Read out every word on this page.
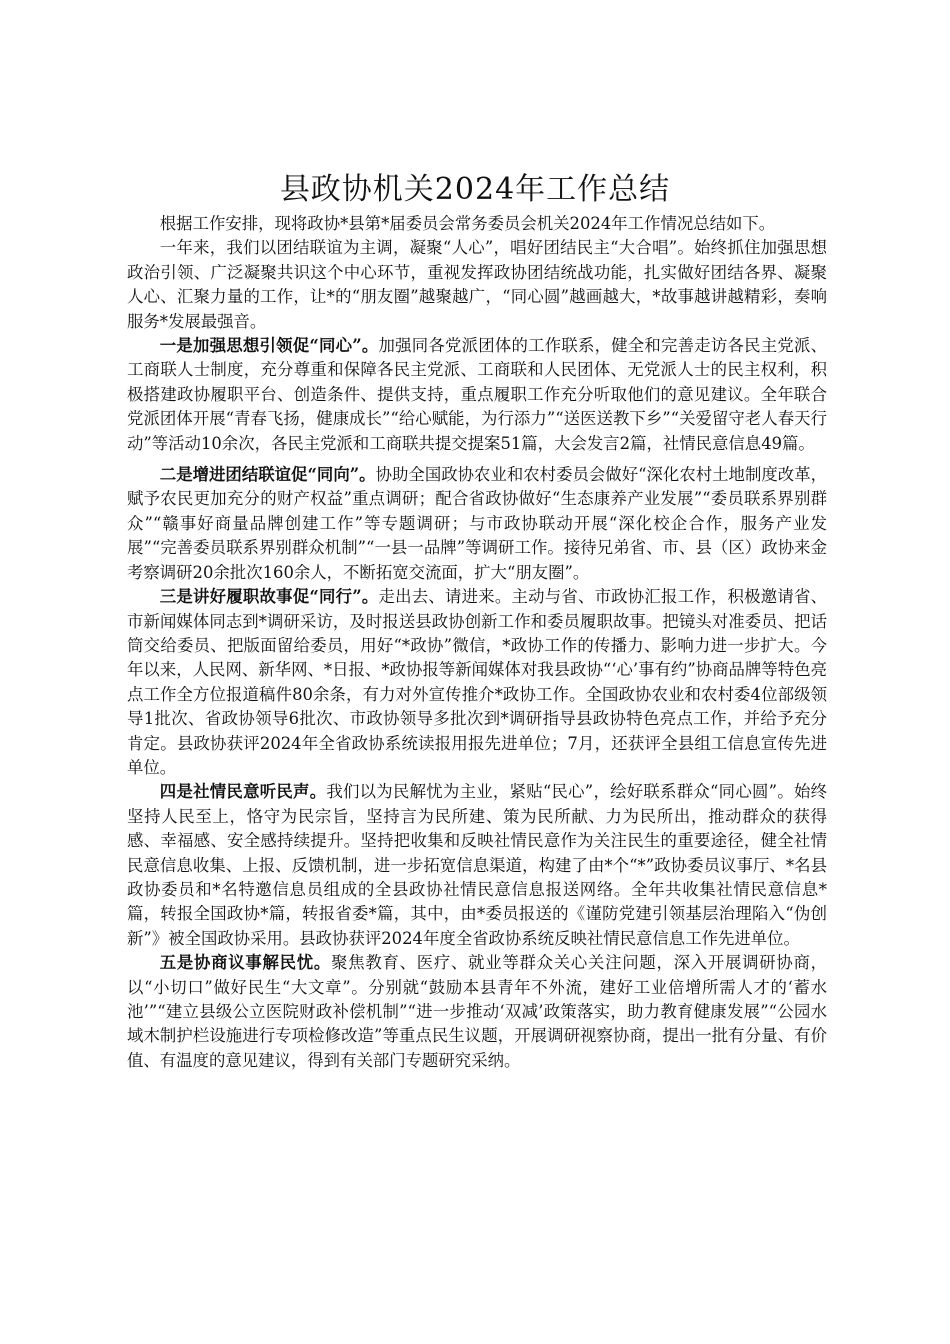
县政协机关2024年工作总结

根据工作安排，现将政协*县第*届委员会常务委员会机关2024年工作情况总结如下。

一年来，我们以团结联谊为主调，凝聚“人心”，唱好团结民主“大合唱”。始终抓住加强思想政治引领、广泛凝聚共识这个中心环节，重视发挥政协团结统战功能，扎实做好团结各界、凝聚人心、汇聚力量的工作，让*的“朋友圈”越聚越广，“同心圆”越画越大，*故事越讲越精彩，奏响服务*发展最强音。

一是加强思想引领促“同心”。加强同各党派团体的工作联系，健全和完善走访各民主党派、工商联人士制度，充分尊重和保障各民主党派、工商联和人民团体、无党派人士的民主权利，积极搭建政协履职平台、创造条件、提供支持，重点履职工作充分听取他们的意见建议。全年联合党派团体开展“青春飞扬，健康成长”“给心赋能，为行添力”“送医送教下乡”“关爱留守老人春天行动”等活动10余次，各民主党派和工商联共提交提案51篇，大会发言2篇，社情民意信息49篇。

二是增进团结联谊促“同向”。协助全国政协农业和农村委员会做好“深化农村土地制度改革，赋予农民更加充分的财产权益”重点调研；配合省政协做好“生态康养产业发展”“委员联系界别群众”“赣事好商量品牌创建工作”等专题调研；与市政协联动开展“深化校企合作，服务产业发展”“完善委员联系界别群众机制”“一县一品牌”等调研工作。接待兄弟省、市、县（区）政协来金考察调研20余批次160余人，不断拓宽交流面，扩大“朋友圈”。

三是讲好履职故事促“同行”。走出去、请进来。主动与省、市政协汇报工作，积极邀请省、市新闻媒体同志到*调研采访，及时报送县政协创新工作和委员履职故事。把镜头对准委员、把话筒交给委员、把版面留给委员，用好“*政协”微信，*政协工作的传播力、影响力进一步扩大。今年以来，人民网、新华网、*日报、*政协报等新闻媒体对我县政协“‘心’事有约”协商品牌等特色亮点工作全方位报道稿件80余条，有力对外宣传推介*政协工作。全国政协农业和农村委4位部级领导1批次、省政协领导6批次、市政协领导多批次到*调研指导县政协特色亮点工作，并给予充分肯定。县政协获评2024年全省政协系统读报用报先进单位；7月，还获评全县组工信息宣传先进单位。

四是社情民意听民声。我们以为民解忧为主业，紧贴“民心”，绘好联系群众“同心圆”。始终坚持人民至上，恪守为民宗旨，坚持言为民所建、策为民所献、力为民所出，推动群众的获得感、幸福感、安全感持续提升。坚持把收集和反映社情民意作为关注民生的重要途径，健全社情民意信息收集、上报、反馈机制，进一步拓宽信息渠道，构建了由*个“*”政协委员议事厅、*名县政协委员和*名特邀信息员组成的全县政协社情民意信息报送网络。全年共收集社情民意信息*篇，转报全国政协*篇，转报省委*篇，其中，由*委员报送的《谨防党建引领基层治理陷入“伪创新”》被全国政协采用。县政协获评2024年度全省政协系统反映社情民意信息工作先进单位。

五是协商议事解民忧。聚焦教育、医疗、就业等群众关心关注问题，深入开展调研协商，以“小切口”做好民生“大文章”。分别就“鼓励本县青年不外流，建好工业倍增所需人才的‘蓄水池’”“建立县级公立医院财政补偿机制”“进一步推动‘双减’政策落实，助力教育健康发展”“公园水域木制护栏设施进行专项检修改造”等重点民生议题，开展调研视察协商，提出一批有分量、有价值、有温度的意见建议，得到有关部门专题研究采纳。
